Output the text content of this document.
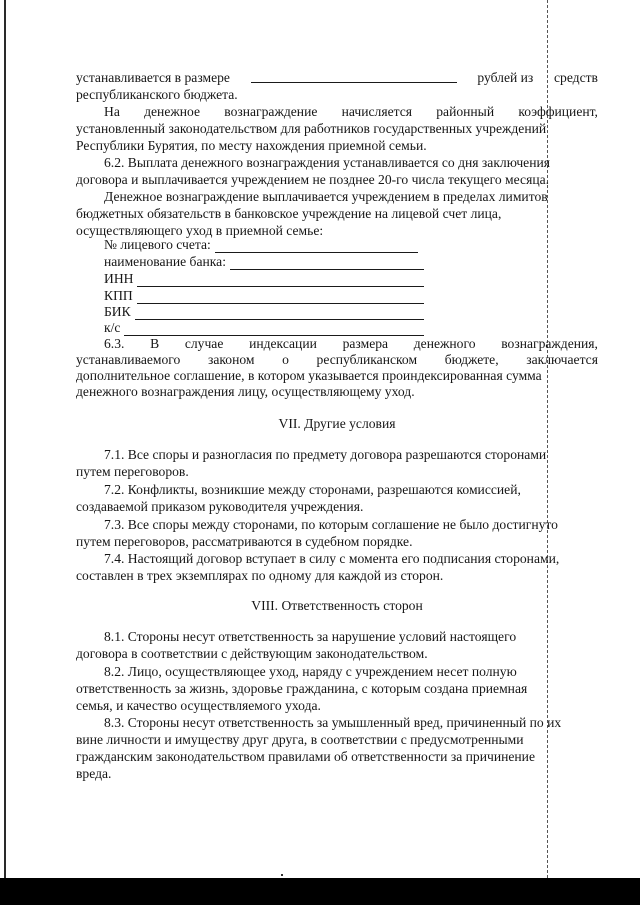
устанавливается в размере	рублей из средств
республиканского бюджета.
На денежное вознаграждение начисляется районный коэффициент,
установленный законодательством для работников государственных учреждений
Республики Бурятия, по месту нахождения приемной семьи.
6.2. Выплата денежного вознаграждения устанавливается со дня заключения
договора и выплачивается учреждением не позднее 20-го числа текущего месяца.
Денежное вознаграждение выплачивается учреждением в пределах лимитов
бюджетных обязательств в банковское учреждение на лицевой счет лица,
осуществляющего уход в приемной семье:
№ лицевого счета:
наименование банка:
ИНН
КПП
БИК
к/с
6.3. В случае индексации размера денежного вознаграждения,
устанавливаемого законом о республиканском бюджете, заключается
дополнительное соглашение, в котором указывается проиндексированная сумма
денежного вознаграждения лицу, осуществляющему уход.
VII. Другие условия
7.1. Все споры и разногласия по предмету договора разрешаются сторонами
путем переговоров.
7.2. Конфликты, возникшие между сторонами, разрешаются комиссией,
создаваемой приказом руководителя учреждения.
7.3. Все споры между сторонами, по которым соглашение не было достигнуто
путем переговоров, рассматриваются в судебном порядке.
7.4. Настоящий договор вступает в силу с момента его подписания сторонами,
составлен в трех экземплярах по одному для каждой из сторон.
VIII. Ответственность сторон
8.1. Стороны несут ответственность за нарушение условий настоящего
договора в соответствии с действующим законодательством.
8.2. Лицо, осуществляющее уход, наряду с учреждением несет полную
ответственность за жизнь, здоровье гражданина, с которым создана приемная
семья, и качество осуществляемого ухода.
8.3. Стороны несут ответственность за умышленный вред, причиненный по их
вине личности и имуществу друг друга, в соответствии с предусмотренными
гражданским законодательством правилами об ответственности за причинение
вреда.
